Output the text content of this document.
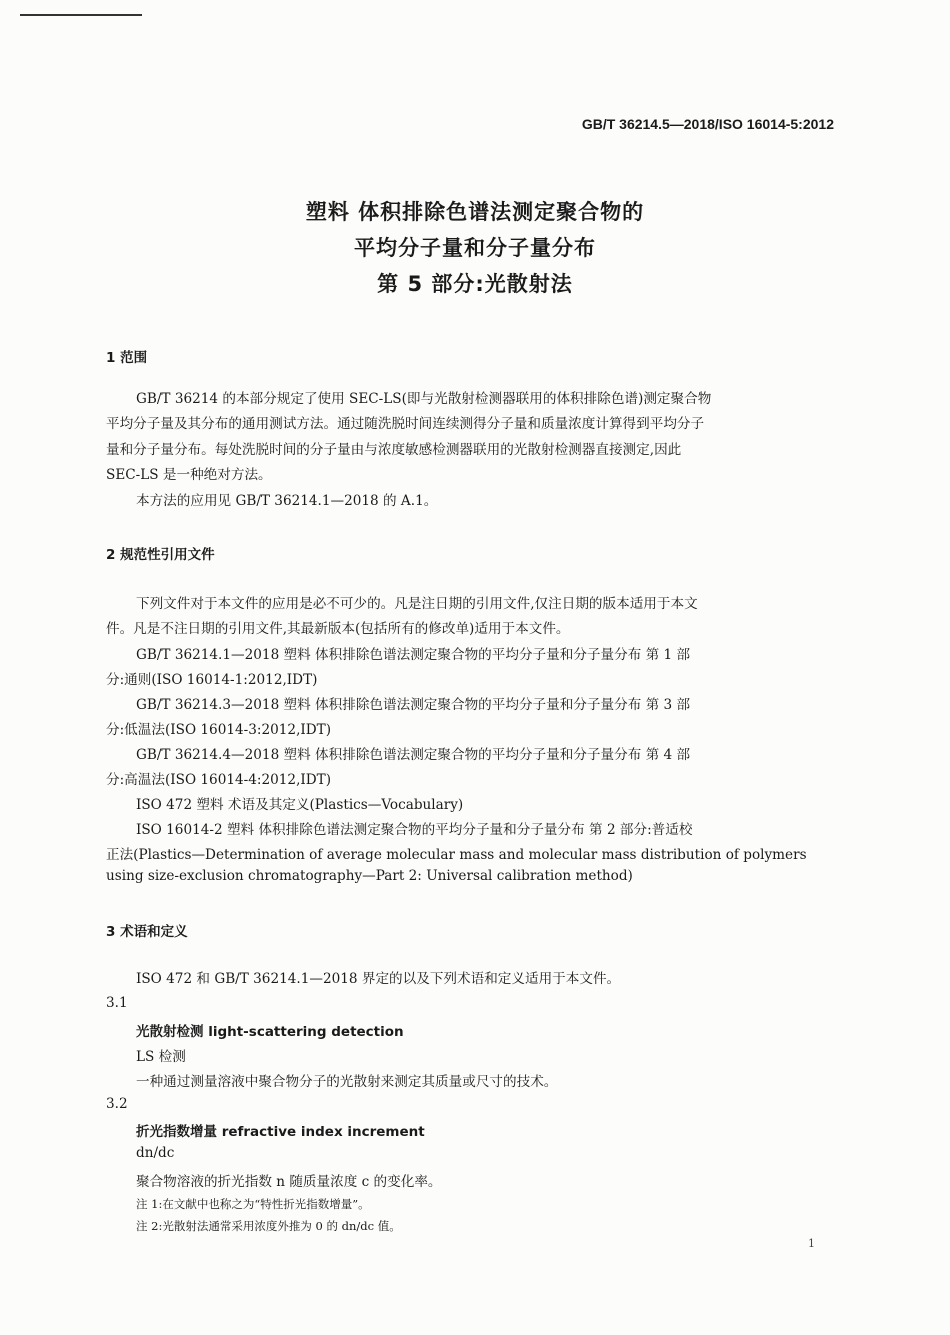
GB/T 36214.5—2018/ISO 16014-5:2012
塑料 体积排除色谱法测定聚合物的
平均分子量和分子量分布
第 5 部分:光散射法
1 范围
GB/T 36214 的本部分规定了使用 SEC-LS(即与光散射检测器联用的体积排除色谱)测定聚合物
平均分子量及其分布的通用测试方法。通过随洗脱时间连续测得分子量和质量浓度计算得到平均分子
量和分子量分布。每处洗脱时间的分子量由与浓度敏感检测器联用的光散射检测器直接测定,因此
SEC-LS 是一种绝对方法。
本方法的应用见 GB/T 36214.1—2018 的 A.1。
2 规范性引用文件
下列文件对于本文件的应用是必不可少的。凡是注日期的引用文件,仅注日期的版本适用于本文
件。凡是不注日期的引用文件,其最新版本(包括所有的修改单)适用于本文件。
GB/T 36214.1—2018 塑料 体积排除色谱法测定聚合物的平均分子量和分子量分布 第 1 部
分:通则(ISO 16014-1:2012,IDT)
GB/T 36214.3—2018 塑料 体积排除色谱法测定聚合物的平均分子量和分子量分布 第 3 部
分:低温法(ISO 16014-3:2012,IDT)
GB/T 36214.4—2018 塑料 体积排除色谱法测定聚合物的平均分子量和分子量分布 第 4 部
分:高温法(ISO 16014-4:2012,IDT)
ISO 472 塑料 术语及其定义(Plastics—Vocabulary)
ISO 16014-2 塑料 体积排除色谱法测定聚合物的平均分子量和分子量分布 第 2 部分:普适校
正法(Plastics—Determination of average molecular mass and molecular mass distribution of polymers
using size-exclusion chromatography—Part 2: Universal calibration method)
3 术语和定义
ISO 472 和 GB/T 36214.1—2018 界定的以及下列术语和定义适用于本文件。
3.1
光散射检测 light-scattering detection
LS 检测
一种通过测量溶液中聚合物分子的光散射来测定其质量或尺寸的技术。
3.2
折光指数增量 refractive index increment
dn/dc
聚合物溶液的折光指数 n 随质量浓度 c 的变化率。
注 1:在文献中也称之为“特性折光指数增量”。
注 2:光散射法通常采用浓度外推为 0 的 dn/dc 值。
1
